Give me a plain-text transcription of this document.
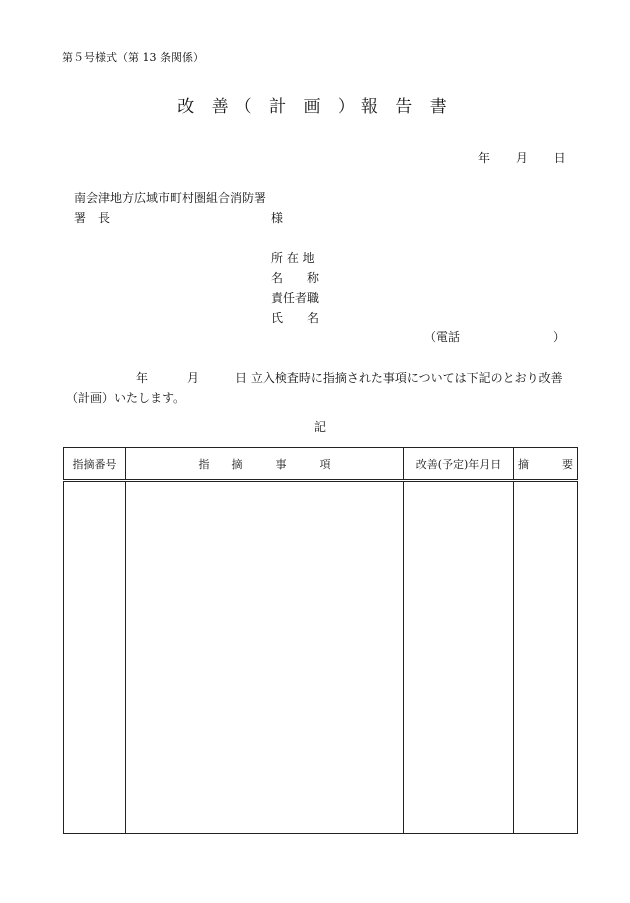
第５号様式（第 13 条関係）
改 善（ 計 画 ）報 告 書
年 月 日
南会津地方広域市町村圏組合消防署
署　長	様
所 在 地
名　　称
責任者職
氏　　名
（電話	）
年	月	日 立入検査時に指摘された事項については下記のとおり改善
（計画）いたします。
記
指摘番号	指　　摘　　　事　　　項	改善(予定)年月日	摘　　　要
